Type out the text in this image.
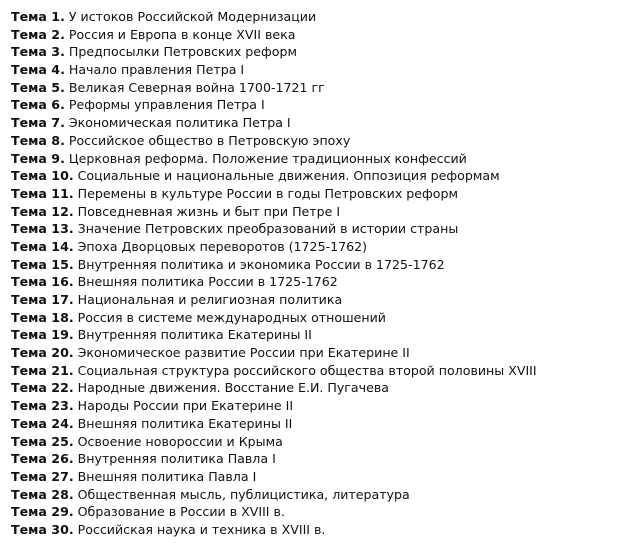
Тема 1. У истоков Российской Модернизации
Тема 2. Россия и Европа в конце XVII века
Тема 3. Предпосылки Петровских реформ
Тема 4. Начало правления Петра I
Тема 5. Великая Северная война 1700-1721 гг
Тема 6. Реформы управления Петра I
Тема 7. Экономическая политика Петра I
Тема 8. Российское общество в Петровскую эпоху
Тема 9. Церковная реформа. Положение традиционных конфессий
Тема 10. Социальные и национальные движения. Оппозиция реформам
Тема 11. Перемены в культуре России в годы Петровских реформ
Тема 12. Повседневная жизнь и быт при Петре I
Тема 13. Значение Петровских преобразований в истории страны
Тема 14. Эпоха Дворцовых переворотов (1725-1762)
Тема 15. Внутренняя политика и экономика России в 1725-1762
Тема 16. Внешняя политика России в 1725-1762
Тема 17. Национальная и религиозная политика
Тема 18. Россия в системе международных отношений
Тема 19. Внутренняя политика Екатерины II
Тема 20. Экономическое развитие России при Екатерине II
Тема 21. Социальная структура российского общества второй половины XVIII
Тема 22. Народные движения. Восстание Е.И. Пугачева
Тема 23. Народы России при Екатерине II
Тема 24. Внешняя политика Екатерины II
Тема 25. Освоение новороссии и Крыма
Тема 26. Внутренняя политика Павла I
Тема 27. Внешняя политика Павла I
Тема 28. Общественная мысль, публицистика, литература
Тема 29. Образование в России в XVIII в.
Тема 30. Российская наука и техника в XVIII в.
